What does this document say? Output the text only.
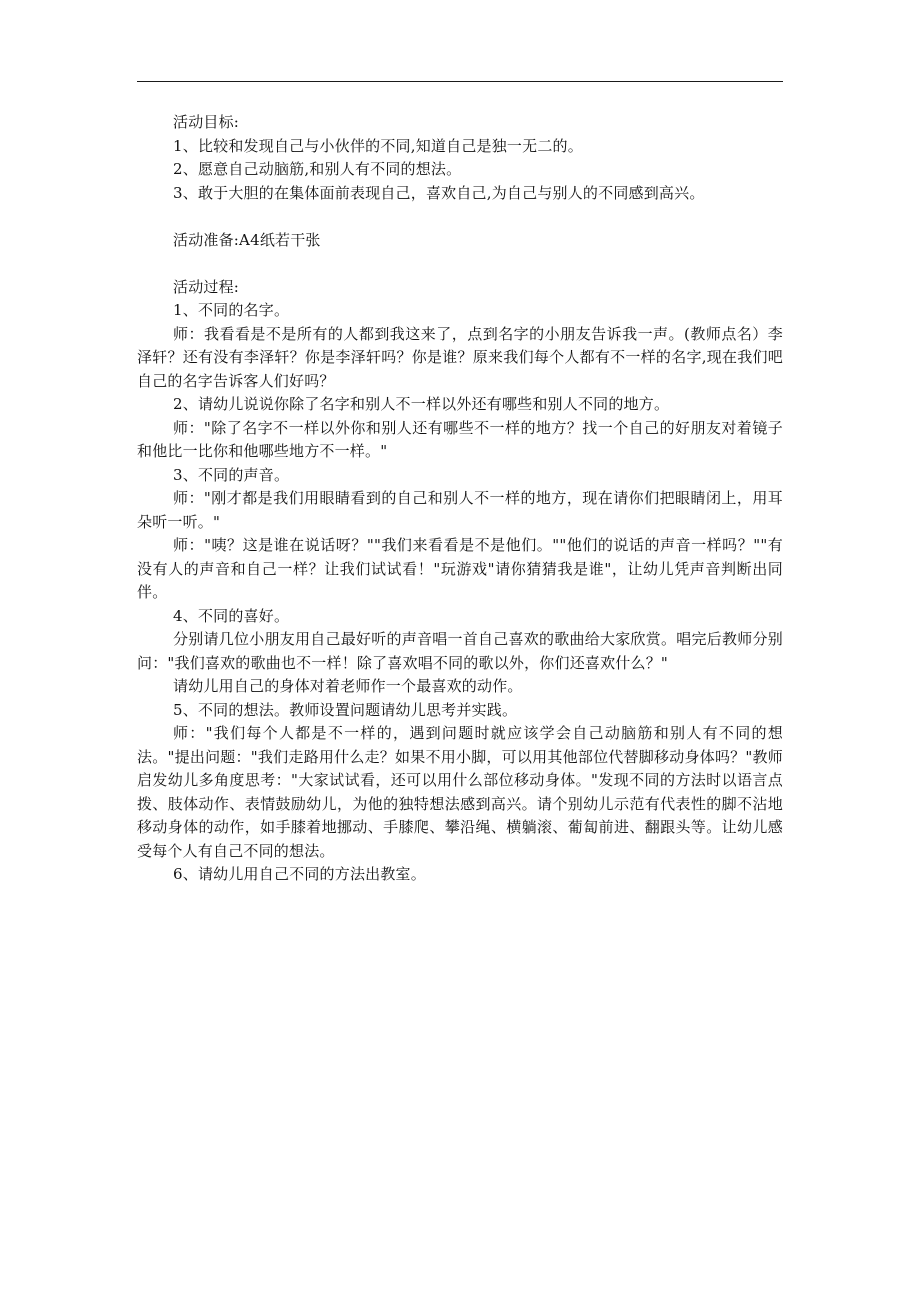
活动目标:

1、比较和发现自己与小伙伴的不同,知道自己是独一无二的。

2、愿意自己动脑筋,和别人有不同的想法。

3、敢于大胆的在集体面前表现自己，喜欢自己,为自己与别人的不同感到高兴。

活动准备:A4纸若干张

活动过程:

1、不同的名字。

师：我看看是不是所有的人都到我这来了，点到名字的小朋友告诉我一声。(教师点名）李泽轩？还有没有李泽轩？你是李泽轩吗？你是谁？原来我们每个人都有不一样的名字,现在我们吧自己的名字告诉客人们好吗？

2、请幼儿说说你除了名字和别人不一样以外还有哪些和别人不同的地方。

师："除了名字不一样以外你和别人还有哪些不一样的地方？找一个自己的好朋友对着镜子和他比一比你和他哪些地方不一样。"

3、不同的声音。

师："刚才都是我们用眼睛看到的自己和别人不一样的地方，现在请你们把眼睛闭上，用耳朵听一听。"

师："咦？这是谁在说话呀？""我们来看看是不是他们。""他们的说话的声音一样吗？""有没有人的声音和自己一样？让我们试试看！"玩游戏"请你猜猜我是谁"，让幼儿凭声音判断出同伴。

4、不同的喜好。

分别请几位小朋友用自己最好听的声音唱一首自己喜欢的歌曲给大家欣赏。唱完后教师分别问："我们喜欢的歌曲也不一样！除了喜欢唱不同的歌以外，你们还喜欢什么？"

请幼儿用自己的身体对着老师作一个最喜欢的动作。

5、不同的想法。教师设置问题请幼儿思考并实践。

师："我们每个人都是不一样的，遇到问题时就应该学会自己动脑筋和别人有不同的想法。"提出问题："我们走路用什么走？如果不用小脚，可以用其他部位代替脚移动身体吗？"教师启发幼儿多角度思考："大家试试看，还可以用什么部位移动身体。"发现不同的方法时以语言点拨、肢体动作、表情鼓励幼儿，为他的独特想法感到高兴。请个别幼儿示范有代表性的脚不沾地移动身体的动作，如手膝着地挪动、手膝爬、攀沿绳、横躺滚、葡匐前进、翻跟头等。让幼儿感受每个人有自己不同的想法。

6、请幼儿用自己不同的方法出教室。
